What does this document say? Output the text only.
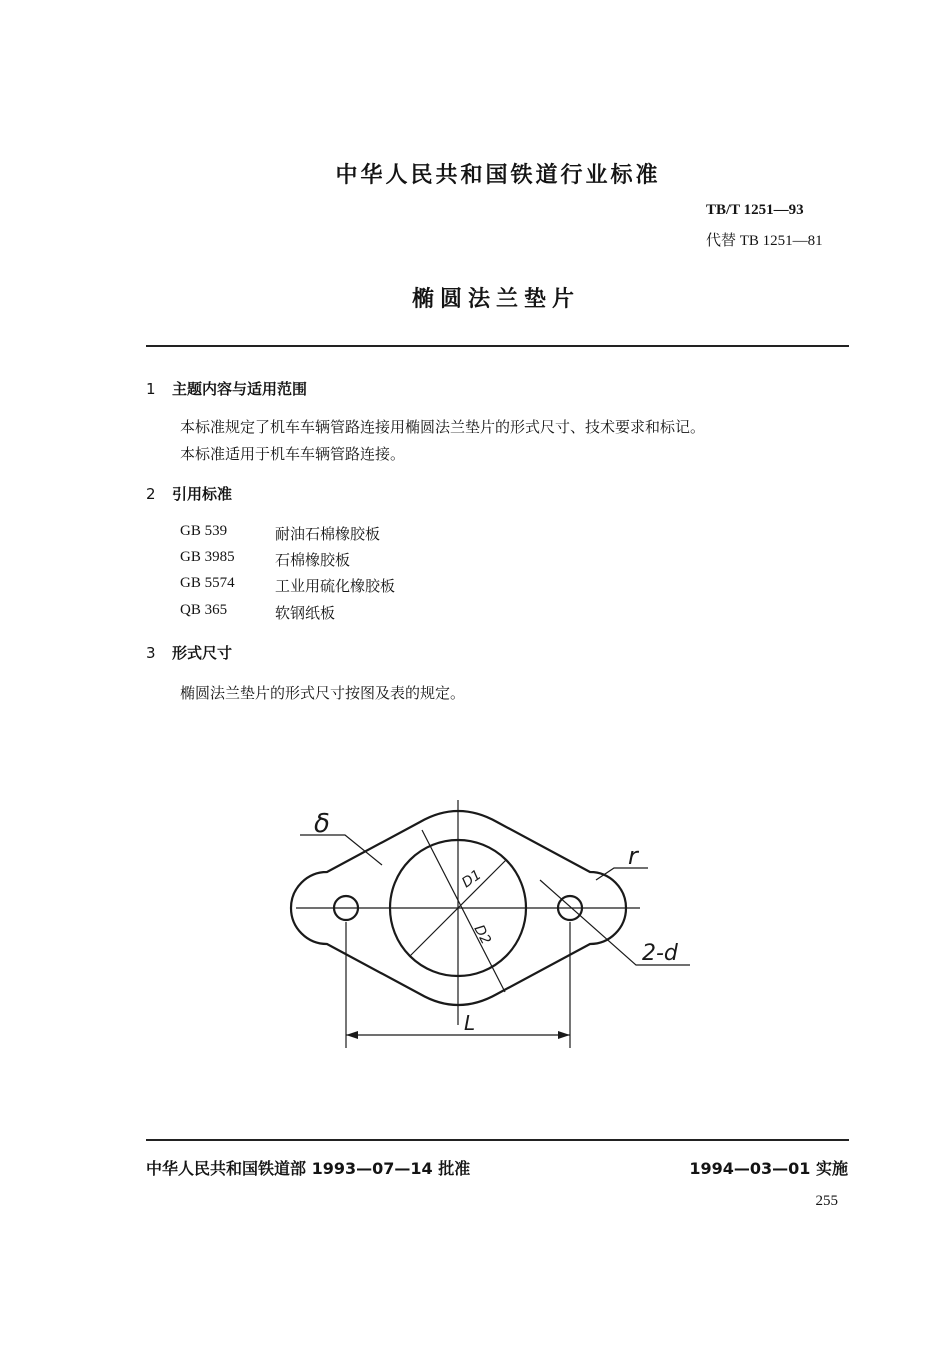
中华人民共和国铁道行业标准
TB/T 1251—93
代替 TB 1251—81
椭圆法兰垫片
1 主题内容与适用范围
本标准规定了机车车辆管路连接用椭圆法兰垫片的形式尺寸、技术要求和标记。
本标准适用于机车车辆管路连接。
2 引用标准
GB 539	耐油石棉橡胶板
GB 3985	石棉橡胶板
GB 5574	工业用硫化橡胶板
QB 365	软钢纸板
3 形式尺寸
椭圆法兰垫片的形式尺寸按图及表的规定。
δ
D1
D2
r
2-d
L
中华人民共和国铁道部 1993—07—14 批准	1994—03—01 实施
255
